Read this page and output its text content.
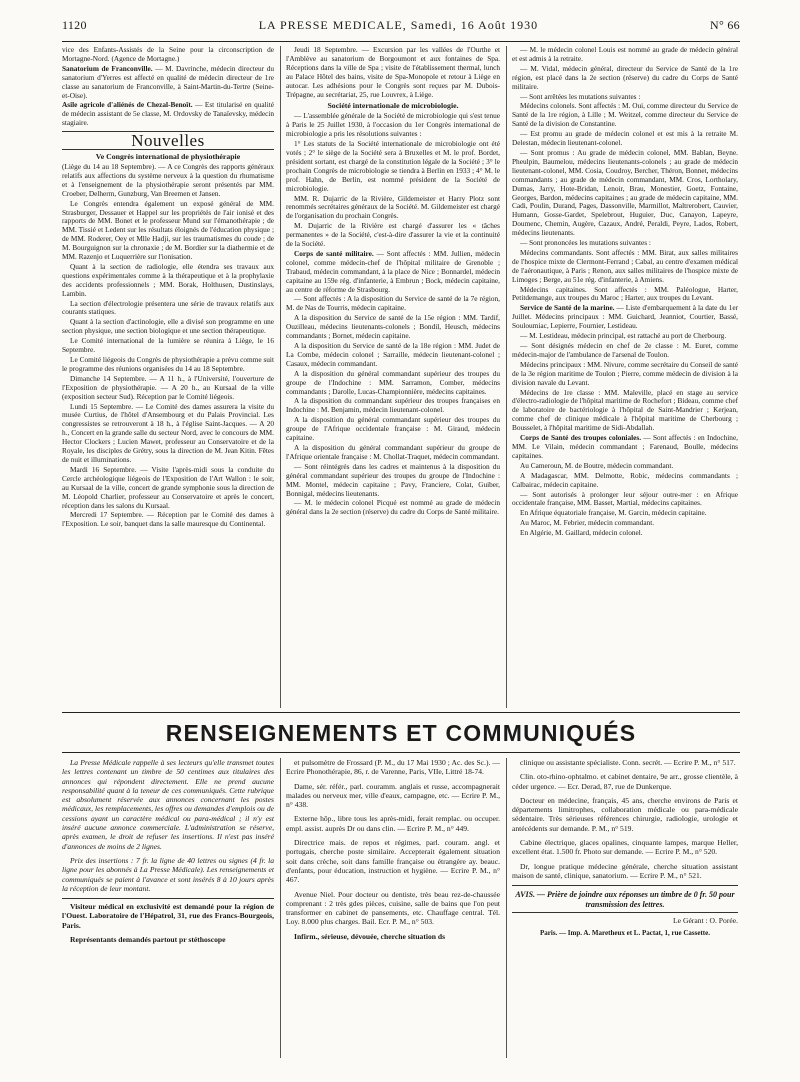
1120	LA PRESSE MEDICALE, Samedi, 16 Août 1930	N° 66

vice des Enfants-Assistés de la Seine pour la circonscription de Mortagne-Nord. (Agence de Mortagne.)

Sanatorium de Franconville. — M. Davrinche, médecin directeur du sanatorium d'Yerres est affecté en qualité de médecin directeur de 1re classe au sanatorium de Franconville, à Saint-Martin-du-Tertre (Seine-et-Oise).

Asile agricole d'aliénés de Chezal-Benoît. — Est titularisé en qualité de médecin assistant de 5e classe, M. Ordovsky de Tanaïevsky, médecin stagiaire.

Nouvelles
Ve Congrès international de physiothérapie

(Liège du 14 au 18 Septembre). — A ce Congrès des rapports généraux relatifs aux affections du système nerveux à la question du rhumatisme et à l'enseignement de la physiothérapie seront présentés par MM. Croeber, Delherm, Gunzburg, Van Breemen et Jansen.

Le Congrès entendra également un exposé général de MM. Strasburger, Dessauer et Happel sur les propriétés de l'air ionisé et des rapports de MM. Bonet et le professeur Mund sur l'émanothérapie ; de MM. Tissié et Ledent sur les résultats éloignés de l'éducation physique ; de MM. Roderer, Oey et Mlle Hadji, sur les traumatismes du coude ; de M. Bourguignon sur la chronaxie ; de M. Bordier sur la diathermie et de MM. Razenjo et Luquerrière sur l'ionisation.

Quant à la section de radiologie, elle étendra ses travaux aux questions expérimentales comme à la thérapeutique et à la prophylaxie des accidents professionnels ; MM. Borak, Holthusen, Dustinslays, Lambin.

La section d'électrologie présentera une série de travaux relatifs aux courants statiques.

Quant à la section d'actinologie, elle a divisé son programme en une section physique, une section biologique et une section thérapeutique.

Le Comité international de la lumière se réunira à Liège, le 16 Septembre.

Le Comité liégeois du Congrès de physiothérapie a prévu comme suit le programme des réunions organisées du 14 au 18 Septembre.

Dimanche 14 Septembre. — A 11 h., à l'Université, l'ouverture de l'Exposition de physiothérapie. — A 20 h., au Kursaal de la ville (exposition secteur Sud). Réception par le Comité liégeois.

Lundi 15 Septembre. — Le Comité des dames assurera la visite du musée Curtius, de l'hôtel d'Ansembourg et du Palais Provincial. Les congressistes se retrouveront à 18 h., à l'église Saint-Jacques. — A 20 h., Concert en la grande salle du secteur Nord, avec le concours de MM. Hector Clockers ; Lucien Mawet, professeur au Conservatoire et de la Royale, les disciples de Grétry, sous la direction de M. Jean Kitin. Fêtes de nuit et illuminations.

Mardi 16 Septembre. — Visite l'après-midi sous la conduite du Cercle archéologique liégeois de l'Exposition de l'Art Wallon : le soir, au Kursaal de la ville, concert de grande symphonie sous la direction de M. Léopold Charlier, professeur au Conservatoire et après le concert, réception dans les salons du Kursaal.

Mercredi 17 Septembre. — Réception par le Comité des dames à l'Exposition. Le soir, banquet dans la salle mauresque du Continental.

Jeudi 18 Septembre. — Excursion par les vallées de l'Ourthe et l'Amblève au sanatorium de Borgoumont et aux fontaines de Spa. Réceptions dans la ville de Spa ; visite de l'établissement thermal, lunch au Palace Hôtel des bains, visite de Spa-Monopole et retour à Liège en autocar. Les adhésions pour le Congrès sont reçues par M. Dubois-Trépagne, au secrétariat, 25, rue Louvrex, à Liège.

Société internationale de microbiologie.

— L'assemblée générale de la Société de microbiologie qui s'est tenue à Paris le 25 Juillet 1930, à l'occasion du 1er Congrès international de microbiologie a pris les résolutions suivantes :

1° Les statuts de la Société internationale de microbiologie ont été votés ; 2° le siège de la Société sera à Bruxelles et M. le prof. Bordet, président sortant, est chargé de la constitution légale de la Société ; 3° le prochain Congrès de microbiologie se tiendra à Berlin en 1933 ; 4° M. le prof. Hahn, de Berlin, est nommé président de la Société de microbiologie.

MM. R. Dujarric de la Rivière, Gildemeister et Harry Plotz sont renommés secrétaires généraux de la Société. M. Gildemeister est chargé de l'organisation du prochain Congrès.

M. Dujarric de la Rivière est chargé d'assurer les « tâches permanentes » de la Société, c'est-à-dire d'assurer la vie et la continuité de la Société.

Corps de santé militaire. — Sont affectés : MM. Jullien, médecin colonel, comme médecin-chef de l'hôpital militaire de Grenoble ; Trabaud, médecin commandant, à la place de Nice ; Bonnardel, médecin capitaine au 159e rég. d'infanterie, à Embrun ; Bock, médecin capitaine, au centre de réforme de Strasbourg.

— Sont affectés : A la disposition du Service de santé de la 7e région, M. de Nas de Tourris, médecin capitaine.

A la disposition du Service de santé de la 15e région : MM. Tardif, Ouzilleau, médecins lieutenants-colonels ; Bondil, Heusch, médecins commandants ; Bornet, médecin capitaine.

A la disposition du Service de santé de la 18e région : MM. Judet de La Combe, médecin colonel ; Sarraille, médecin lieutenant-colonel ; Casaux, médecin commandant.

A la disposition du général commandant supérieur des troupes du groupe de l'Indochine : MM. Sarramon, Comber, médecins commandants ; Darolle, Lucas-Championnière, médecins capitaines.

A la disposition du commandant supérieur des troupes françaises en Indochine : M. Benjamin, médecin lieutenant-colonel.

A la disposition du général commandant supérieur des troupes du groupe de l'Afrique occidentale française : M. Giraud, médecin capitaine.

A la disposition du général commandant supérieur du groupe de l'Afrique orientale française : M. Chollat-Traquet, médecin commandant.

— Sont réintégrés dans les cadres et maintenus à la disposition du général commandant supérieur des troupes du groupe de l'Indochine : MM. Montel, médecin capitaine ; Pavy, Franciere, Colat, Guiber, Bonnigal, médecins lieutenants.

— M. le médecin colonel Picqué est nommé au grade de médecin général dans la 2e section (réserve) du cadre du Corps de Santé militaire.

— M. le médecin colonel Louis est nommé au grade de médecin général et est admis à la retraite.

— M. Vidal, médecin général, directeur du Service de Santé de la 1re région, est placé dans la 2e section (réserve) du cadre du Corps de Santé militaire.

— Sont arrêtées les mutations suivantes :

Médecins colonels. Sont affectés : M. Oui, comme directeur du Service de Santé de la 1re région, à Lille ; M. Weitzel, comme directeur du Service de Santé de la division de Constantine.

— Est promu au grade de médecin colonel et est mis à la retraite M. Delestan, médecin lieutenant-colonel.

— Sont promus : Au grade de médecin colonel, MM. Bablan, Beyne. Pheulpin, Baumelou, médecins lieutenants-colonels ; au grade de médecin lieutenant-colonel, MM. Cosia, Coudroy, Bercher, Théron, Bonnet, médecins commandants ; au grade de médecin commandant, MM. Cros, Lortholary, Dumas, Jarry, Hote-Bridan, Lenoir, Brau, Monestier, Goetz, Fontaine, Georges, Bardon, médecins capitaines ; au grade de médecin capitaine, MM. Cadi, Poulin, Durand, Pages, Dassonville, Marmillot, Maltrerobert, Cauvier, Humann, Gosse-Gardet, Spelebrout, Huguier, Duc, Canayon, Lapeyre, Doumenc, Chemin, Augère, Cazaux, André, Peraldi, Peyre, Lados, Robert, médecins lieutenants.

— Sont prononcées les mutations suivantes :

Médecins commandants. Sont affectés : MM. Birat, aux salles militaires de l'hospice mixte de Clermont-Ferrand ; Cabal, au centre d'examen médical de l'aéronautique, à Paris ; Renon, aux salles militaires de l'hospice mixte de Limoges ; Berge, au 51e rég. d'infanterie, à Amiens.

Médecins capitaines. Sont affectés : MM. Paléologue, Harter, Petitdemange, aux troupes du Maroc ; Harter, aux troupes du Levant.

Service de Santé de la marine. — Liste d'embarquement à la date du 1er Juillet. Médecins principaux : MM. Guichard, Jeanniot, Courtier, Bassé, Souloumiac, Lepierre, Fournier, Lestideau.

— M. Lestideau, médecin principal, est rattaché au port de Cherbourg.

— Sont désignés médecin en chef de 2e classe : M. Euret, comme médecin-major de l'ambulance de l'arsenal de Toulon.

Médecins principaux : MM. Nivure, comme secrétaire du Conseil de santé de la 3e région maritime de Toulon ; Pierre, comme médecin de division à la division navale du Levant.

Médecins de 1re classe : MM. Maleville, placé en stage au service d'électro-radiologie de l'hôpital maritime de Rochefort ; Bideau, comme chef de laboratoire de bactériologie à l'hôpital de Saint-Mandrier ; Kerjean, comme chef de clinique médicale à l'hôpital maritime de Cherbourg ; Bousselet, à l'hôpital maritime de Sidi-Abdallah.

Corps de Santé des troupes coloniales. — Sont affectés : en Indochine, MM. Le Vilain, médecin commandant ; Farenaud, Boulle, médecins capitaines.

Au Cameroun, M. de Boutre, médecin commandant.

A Madagascar, MM. Delmotte, Robic, médecins commandants ; Calbairac, médecin capitaine.

— Sont autorisés à prolonger leur séjour outre-mer : en Afrique occidentale française, MM. Basset, Martial, médecins capitaines.

En Afrique équatoriale française, M. Garcin, médecin capitaine.

Au Maroc, M. Febrier, médecin commandant.

En Algérie, M. Gaillard, médecin colonel.

RENSEIGNEMENTS ET COMMUNIQUÉS

La Presse Médicale rappelle à ses lecteurs qu'elle transmet toutes les lettres contenant un timbre de 50 centimes aux titulaires des annonces qui répondent directement. Elle ne prend aucune responsabilité quant à la teneur de ces communiqués. Cette rubrique est absolument réservée aux annonces concernant les postes médicaux, les remplacements, les offres ou demandes d'emplois ou de cessions ayant un caractère médical ou para-médical ; il n'y est inséré aucune annonce commerciale. L'administration se réserve, après examen, le droit de refuser les insertions. Il n'est pas inséré d'annonces de moins de 2 lignes.

Prix des insertions : 7 fr. la ligne de 40 lettres ou signes (4 fr. la ligne pour les abonnés à La Presse Médicale). Les renseignements et communiqués se paient à l'avance et sont insérés 8 à 10 jours après la réception de leur montant.

Visiteur médical en exclusivité est demandé pour la région de l'Ouest. Laboratoire de l'Hépatrol, 31, rue des Francs-Bourgeois, Paris.

Représentants demandés partout pr stéthoscope

et pulsomètre de Frossard (P. M., du 17 Mai 1930 ; Ac. des Sc.). — Ecrire Phonothérapie, 86, r. de Varenne, Paris, VIIe, Littré 18-74.

Dame, sér. référ., parl. couramm. anglais et russe, accompagnerait malades ou nerveux mer, ville d'eaux, campagne, etc. — Ecrire P. M., n° 438.

Externe hôp., libre tous les après-midi, ferait remplac. ou occuper. empl. assist. auprès Dr ou dans clin. — Ecrire P. M., n° 449.

Directrice mais. de repos et régimes, parl. couram. angl. et portugais, cherche poste similaire. Accepterait également situation soit dans crèche, soit dans famille française ou étrangère ay. beauc. d'enfants, pour éducation, instruction et hygiène. — Ecrire P. M., n° 467.

Avenue Niel. Pour docteur ou dentiste, très beau rez-de-chaussée comprenant : 2 très gdes pièces, cuisine, salle de bains que l'on peut transformer en cabinet de pansements, etc. Chauffage central. Tél. Loy. 8.000 plus charges. Bail. Ecr. P. M., n° 503.

Infirm., sérieuse, dévouée, cherche situation ds

clinique ou assistante spécialiste. Conn. secrét. — Ecrire P. M., n° 517.

Clin. oto-rhino-ophtalmo. et cabinet dentaire, 9e arr., grosse clientèle, à céder urgence. — Ecr. Derad, 87, rue de Dunkerque.

Docteur en médecine, français, 45 ans, cherche environs de Paris et départements limitrophes, collaboration médicale ou para-médicale sédentaire. Très sérieuses références chirurgie, radiologie, urologie et antécédents sur demande. P. M., n° 519.

Cabine électrique, glaces opalines, cinquante lampes, marque Heller, excellent état. 1.500 fr. Photo sur demande. — Ecrire P. M., n° 520.

Dr, longue pratique médecine générale, cherche situation assistant maison de santé, clinique, sanatorium. — Ecrire P. M., n° 521.

AVIS. — Prière de joindre aux réponses un timbre de 0 fr. 50 pour transmission des lettres.
Le Gérant : O. Porée.
Paris. — Imp. A. Maretheux et L. Pactat, 1, rue Cassette.
